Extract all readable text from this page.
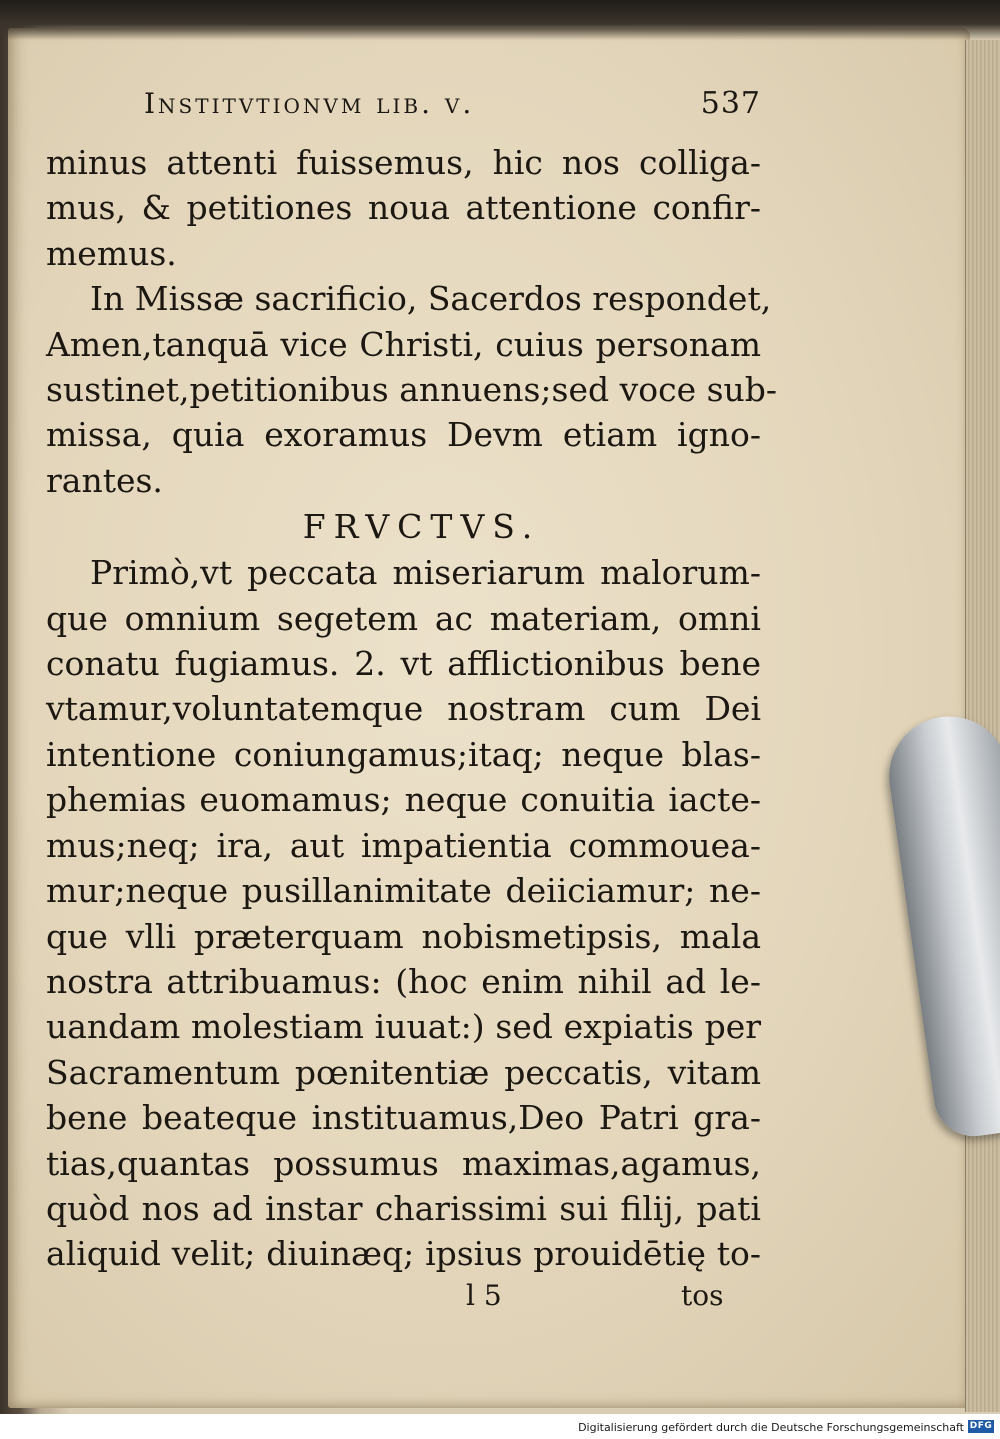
Institvtionvm lib. v.	537
minus attenti fuissemus, hic nos colliga-
mus, & petitiones noua attentione confir-
memus.
In Missæ sacrificio, Sacerdos respondet,
Amen,tanquā vice Christi, cuius personam
sustinet,petitionibus annuens;sed voce sub-
missa, quia exoramus Devm etiam igno-
rantes.
FRVCTVS.
Primò,vt peccata miseriarum malorum-
que omnium segetem ac materiam, omni
conatu fugiamus. 2. vt afflictionibus bene
vtamur,voluntatemque nostram cum Dei
intentione coniungamus;itaq; neque blas-
phemias euomamus; neque conuitia iacte-
mus;neq; ira, aut impatientia commouea-
mur;neque pusillanimitate deiiciamur; ne-
que vlli præterquam nobismetipsis, mala
nostra attribuamus: (hoc enim nihil ad le-
uandam molestiam iuuat:) sed expiatis per
Sacramentum pœnitentiæ peccatis, vitam
bene beateque instituamus,Deo Patri gra-
tias,quantas possumus maximas,agamus,
quòd nos ad instar charissimi sui filij, pati
aliquid velit; diuinæq; ipsius prouidētię to-
l 5	tos
Digitalisierung gefördert durch die Deutsche Forschungsgemeinschaft DFG
